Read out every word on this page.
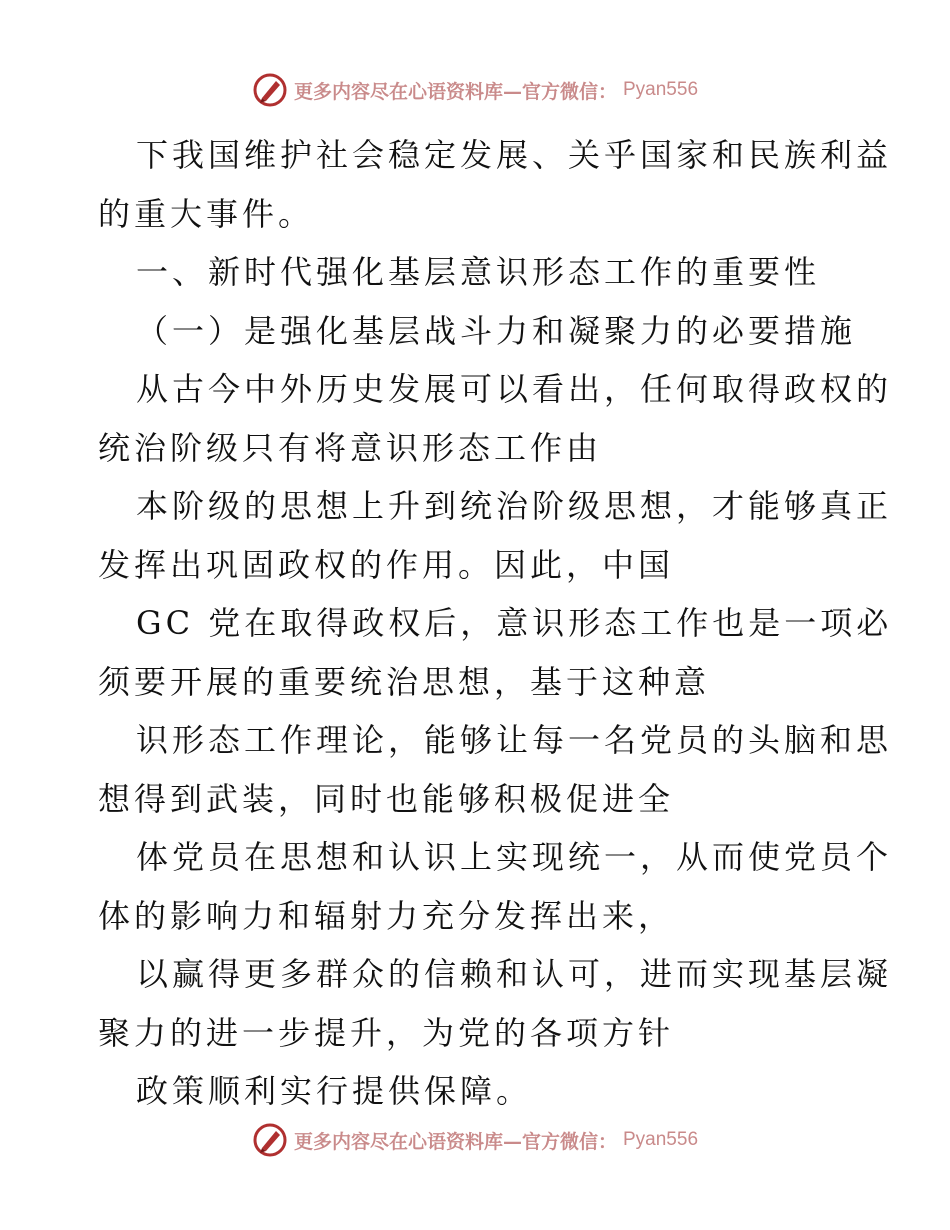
更多内容尽在心语资料库—官方微信： Pyan556
下我国维护社会稳定发展、关乎国家和民族利益
的重大事件。
一、新时代强化基层意识形态工作的重要性
（一）是强化基层战斗力和凝聚力的必要措施
从古今中外历史发展可以看出，任何取得政权的
统治阶级只有将意识形态工作由
本阶级的思想上升到统治阶级思想，才能够真正
发挥出巩固政权的作用。因此，中国
GC 党在取得政权后，意识形态工作也是一项必
须要开展的重要统治思想，基于这种意
识形态工作理论，能够让每一名党员的头脑和思
想得到武装，同时也能够积极促进全
体党员在思想和认识上实现统一，从而使党员个
体的影响力和辐射力充分发挥出来，
以赢得更多群众的信赖和认可，进而实现基层凝
聚力的进一步提升，为党的各项方针
政策顺利实行提供保障。
更多内容尽在心语资料库—官方微信： Pyan556
